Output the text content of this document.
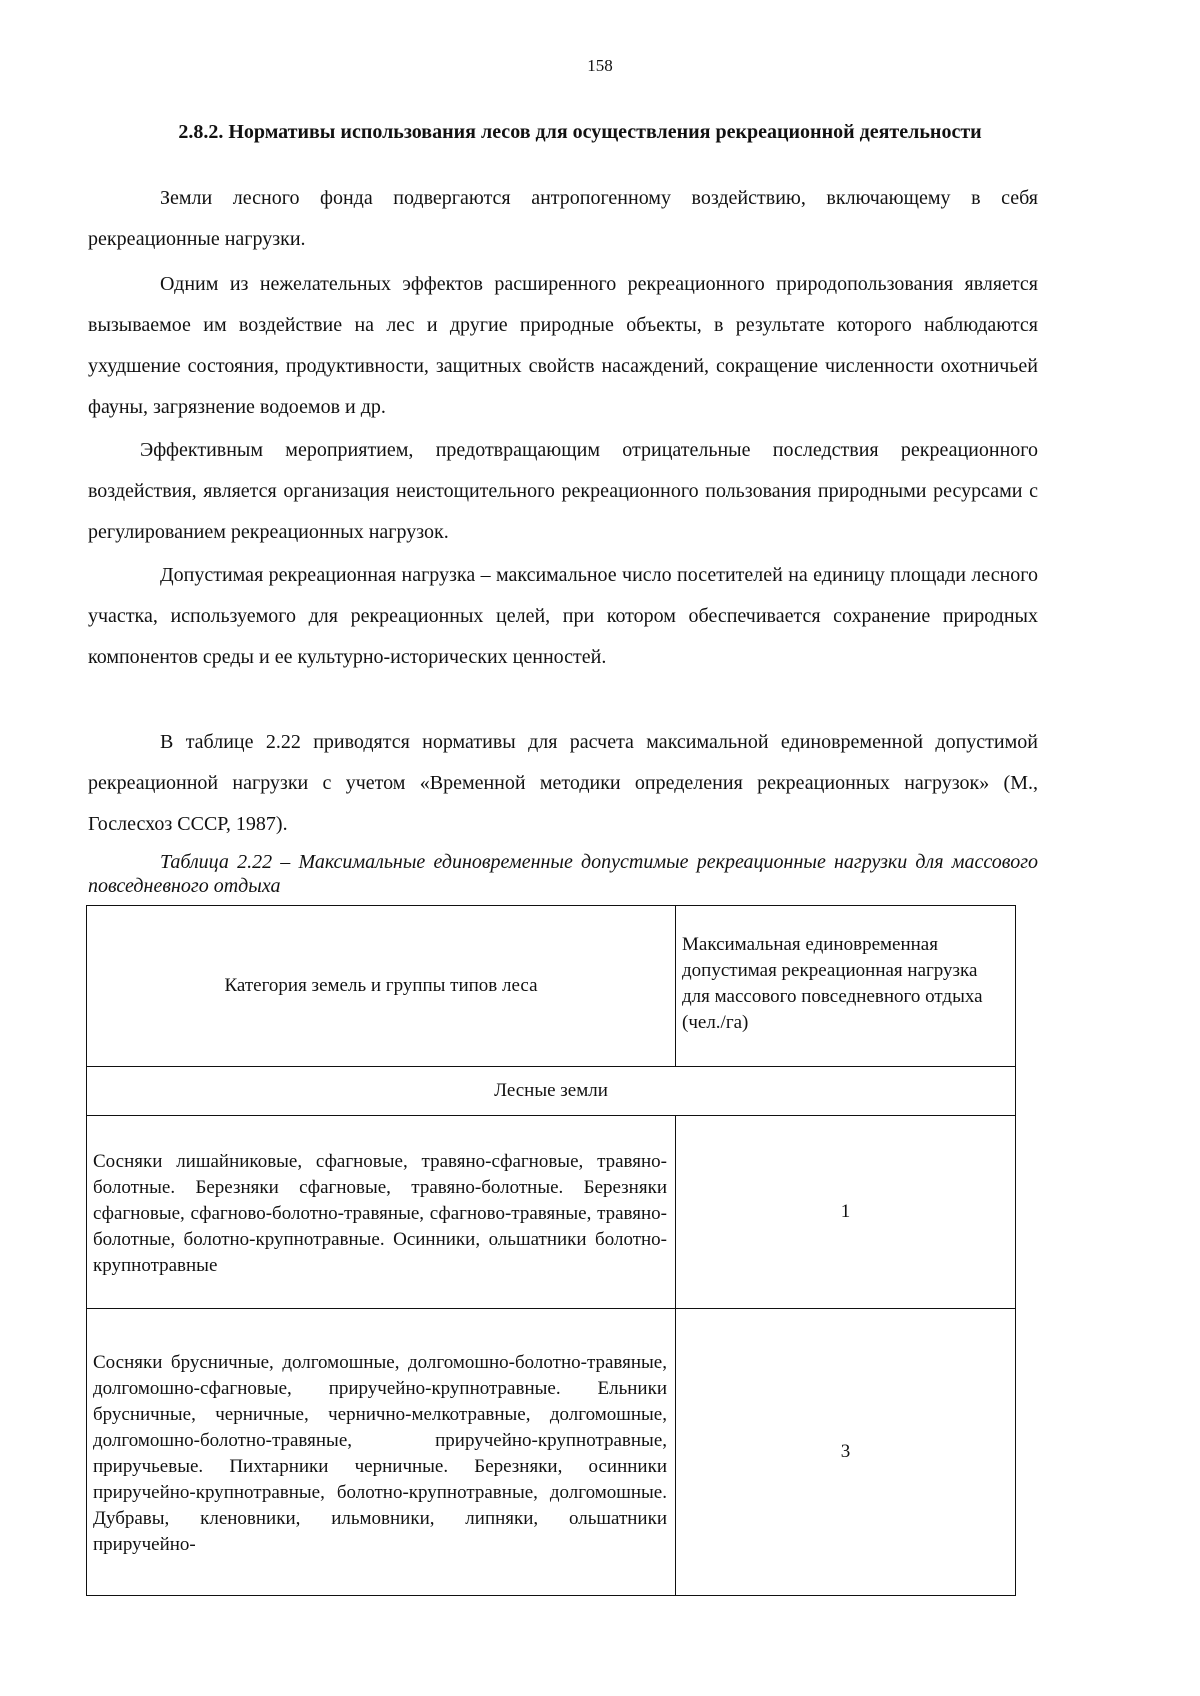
158
2.8.2. Нормативы использования лесов для осуществления рекреационной деятельности

Земли лесного фонда подвергаются антропогенному воздействию, включающему в себя рекреационные нагрузки.

Одним из нежелательных эффектов расширенного рекреационного природопользования является вызываемое им воздействие на лес и другие природные объекты, в результате которого наблюдаются ухудшение состояния, продуктивности, защитных свойств насаждений, сокращение численности охотничьей фауны, загрязнение водоемов и др.

Эффективным мероприятием, предотвращающим отрицательные последствия рекреационного воздействия, является организация неистощительного рекреационного пользования природными ресурсами с регулированием рекреационных нагрузок.

Допустимая рекреационная нагрузка – максимальное число посетителей на единицу площади лесного участка, используемого для рекреационных целей, при котором обеспечивается сохранение природных компонентов среды и ее культурно-исторических ценностей.

В таблице 2.22 приводятся нормативы для расчета максимальной единовременной допустимой рекреационной нагрузки с учетом «Временной методики определения рекреационных нагрузок» (М., Гослесхоз СССР, 1987).

Таблица 2.22 – Максимальные единовременные допустимые рекреационные нагрузки для массового повседневного отдыха

Категория земель и группы типов леса	Максимальная единовременная допустимая рекреационная нагрузка для массового повседневного отдыха (чел./га)
Лесные земли	
Сосняки лишайниковые, сфагновые, травяно-сфагновые, травяно-болотные. Березняки сфагновые, травяно-болотные. Березняки сфагновые, сфагново-болотно-травяные, сфагново-травяные, травяно-болотные, болотно-крупнотравные. Осинники, ольшатники болотно-крупнотравные	1
Сосняки брусничные, долгомошные, долгомошно-болотно-травяные, долгомошно-сфагновые, приручейно-крупнотравные. Ельники брусничные, черничные, чернично-мелкотравные, долгомошные, долгомошно-болотно-травяные, приручейно-крупнотравные, приручьевые. Пихтарники черничные. Березняки, осинники приручейно-крупнотравные, болотно-крупнотравные, долгомошные. Дубравы, кленовники, ильмовники, липняки, ольшатники приручейно-	3
